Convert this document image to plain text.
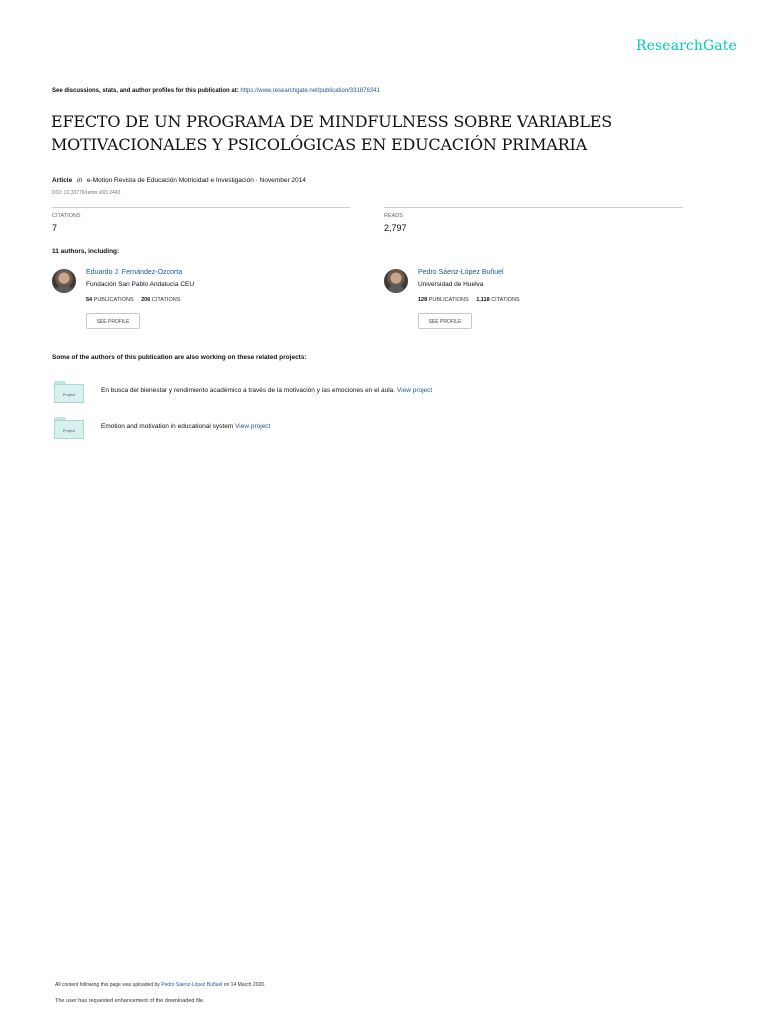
ResearchGate
See discussions, stats, and author profiles for this publication at: https://www.researchgate.net/publication/331876341
EFECTO DE UN PROGRAMA DE MINDFULNESS SOBRE VARIABLES
MOTIVACIONALES Y PSICOLÓGICAS EN EDUCACIÓN PRIMARIA
Article in e-Motion Revista de Educación Motricidad e Investigación · November 2014
DOI: 10.33776/remo.v0i3.2443
CITATIONS
7
READS
2,797
11 authors, including:
Eduardo J. Fernández-Ozcorta
Fundación San Pablo Andalucía CEU
54 PUBLICATIONS 206 CITATIONS
SEE PROFILE
Pedro Sáenz-López Buñuel
Universidad de Huelva
128 PUBLICATIONS 1,118 CITATIONS
SEE PROFILE
Some of the authors of this publication are also working on these related projects:
Project
En busca del bienestar y rendimiento académico a través de la motivación y las emociones en el aula. View project
Project
Emotion and motivation in educational system View project
All content following this page was uploaded by Pedro Sáenz-López Buñuel on 14 March 2020.
The user has requested enhancement of the downloaded file.
